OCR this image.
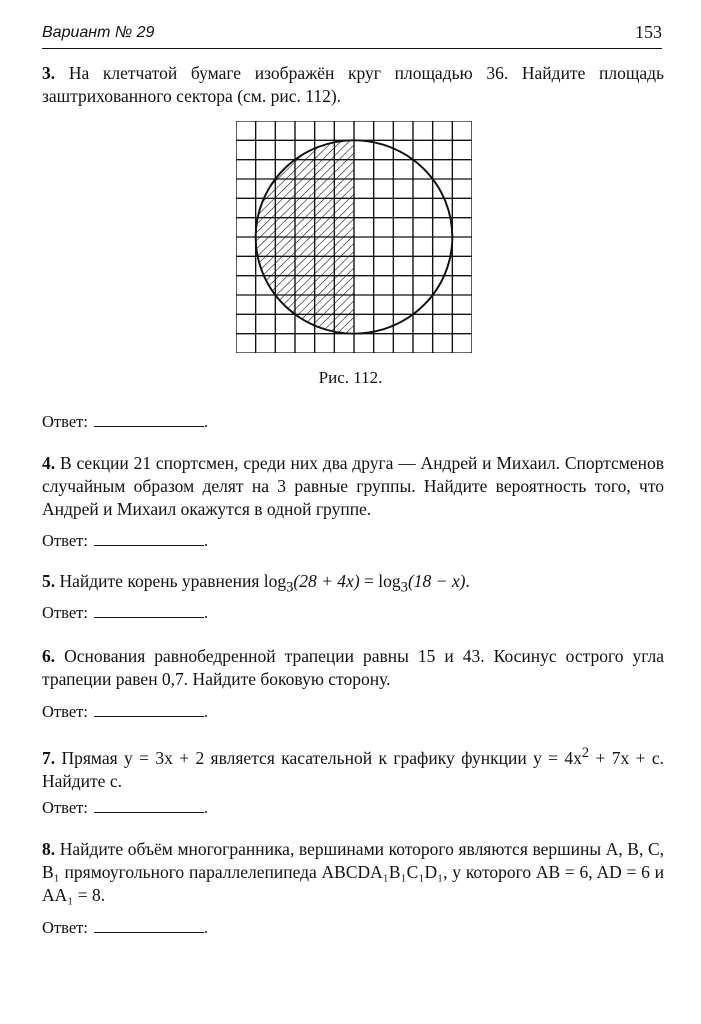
Вариант № 29	153
3. На клетчатой бумаге изображён круг площадью 36. Найдите площадь заштрихованного сектора (см. рис. 112).
Рис. 112.
Ответ:	.
4. В секции 21 спортсмен, среди них два друга — Андрей и Михаил. Спортсменов случайным образом делят на 3 равные группы. Найдите вероятность того, что Андрей и Михаил окажутся в одной группе.
Ответ:	.
5. Найдите корень уравнения $\log_3(28 + 4x) = \log_3(18 - x)$.
Ответ:	.
6. Основания равнобедренной трапеции равны 15 и 43. Косинус острого угла трапеции равен 0,7. Найдите боковую сторону.
Ответ:	.
7. Прямая y = 3x + 2 является касательной к графику функции $y = 4x^2 + 7x + c$. Найдите c.
Ответ:	.
8. Найдите объём многогранника, вершинами которого являются вершины A, B, C, B₁ прямоугольного параллелепипеда ABCDA₁B₁C₁D₁, у которого AB = 6, AD = 6 и AA₁ = 8.
Ответ:	.
